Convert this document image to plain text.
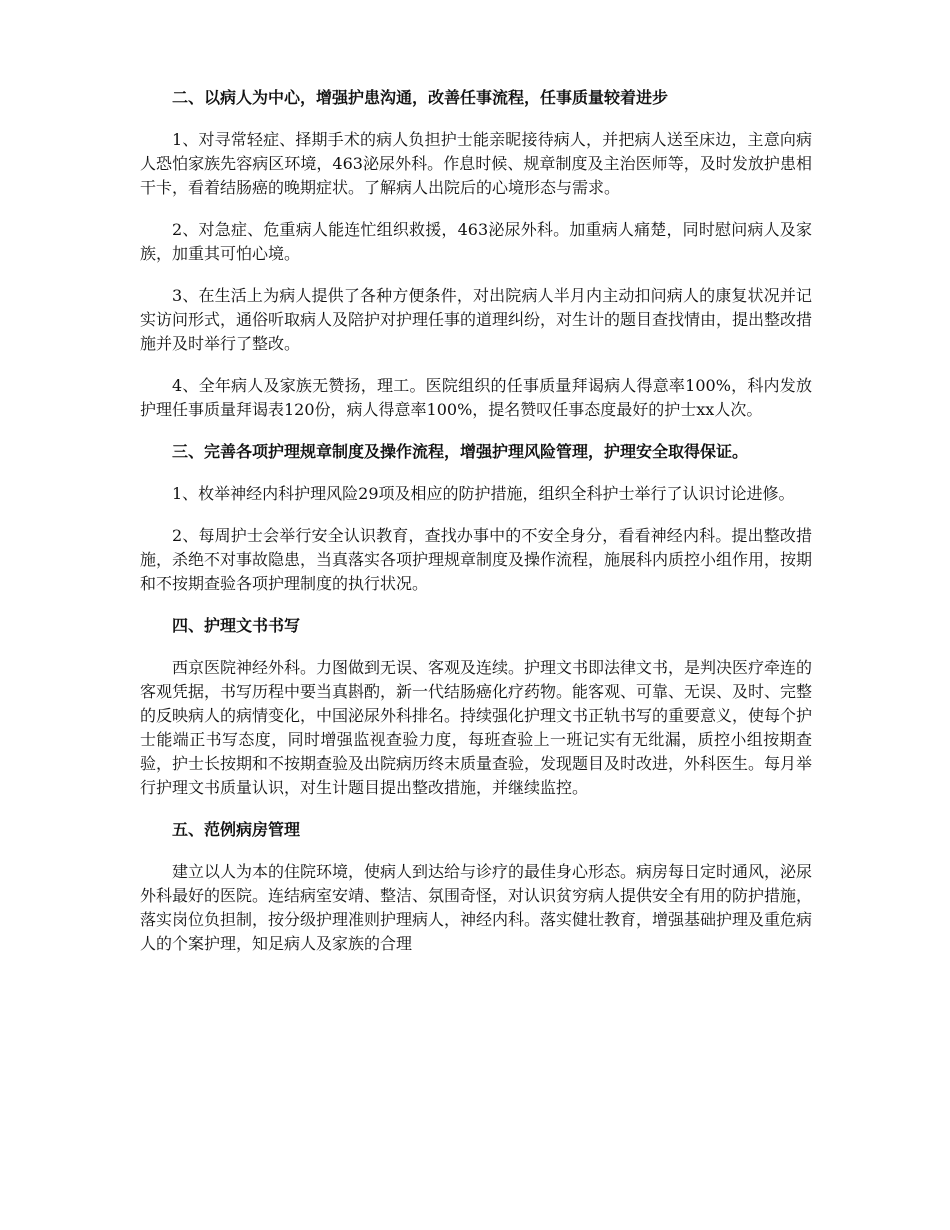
二、以病人为中心，增强护患沟通，改善任事流程，任事质量较着进步

1、对寻常轻症、择期手术的病人负担护士能亲昵接待病人，并把病人送至床边，主意向病人恐怕家族先容病区环境，463泌尿外科。作息时候、规章制度及主治医师等，及时发放护患相干卡，看着结肠癌的晚期症状。了解病人出院后的心境形态与需求。

2、对急症、危重病人能连忙组织救援，463泌尿外科。加重病人痛楚，同时慰问病人及家族，加重其可怕心境。

3、在生活上为病人提供了各种方便条件，对出院病人半月内主动扣问病人的康复状况并记实访问形式，通俗听取病人及陪护对护理任事的道理纠纷，对生计的题目查找情由，提出整改措施并及时举行了整改。

4、全年病人及家族无赞扬，理工。医院组织的任事质量拜谒病人得意率100%，科内发放护理任事质量拜谒表120份，病人得意率100%，提名赞叹任事态度最好的护士xx人次。

三、完善各项护理规章制度及操作流程，增强护理风险管理，护理安全取得保证。

1、枚举神经内科护理风险29项及相应的防护措施，组织全科护士举行了认识讨论进修。

2、每周护士会举行安全认识教育，查找办事中的不安全身分，看看神经内科。提出整改措施，杀绝不对事故隐患，当真落实各项护理规章制度及操作流程，施展科内质控小组作用，按期和不按期查验各项护理制度的执行状况。

四、护理文书书写

西京医院神经外科。力图做到无误、客观及连续。护理文书即法律文书，是判决医疗牵连的客观凭据，书写历程中要当真斟酌，新一代结肠癌化疗药物。能客观、可靠、无误、及时、完整的反映病人的病情变化，中国泌尿外科排名。持续强化护理文书正轨书写的重要意义，使每个护士能端正书写态度，同时增强监视查验力度，每班查验上一班记实有无纰漏，质控小组按期查验，护士长按期和不按期查验及出院病历终末质量查验，发现题目及时改进，外科医生。每月举行护理文书质量认识，对生计题目提出整改措施，并继续监控。

五、范例病房管理

建立以人为本的住院环境，使病人到达给与诊疗的最佳身心形态。病房每日定时通风，泌尿外科最好的医院。连结病室安靖、整洁、氛围奇怪，对认识贫穷病人提供安全有用的防护措施，落实岗位负担制，按分级护理准则护理病人，神经内科。落实健壮教育，增强基础护理及重危病人的个案护理，知足病人及家族的合理
